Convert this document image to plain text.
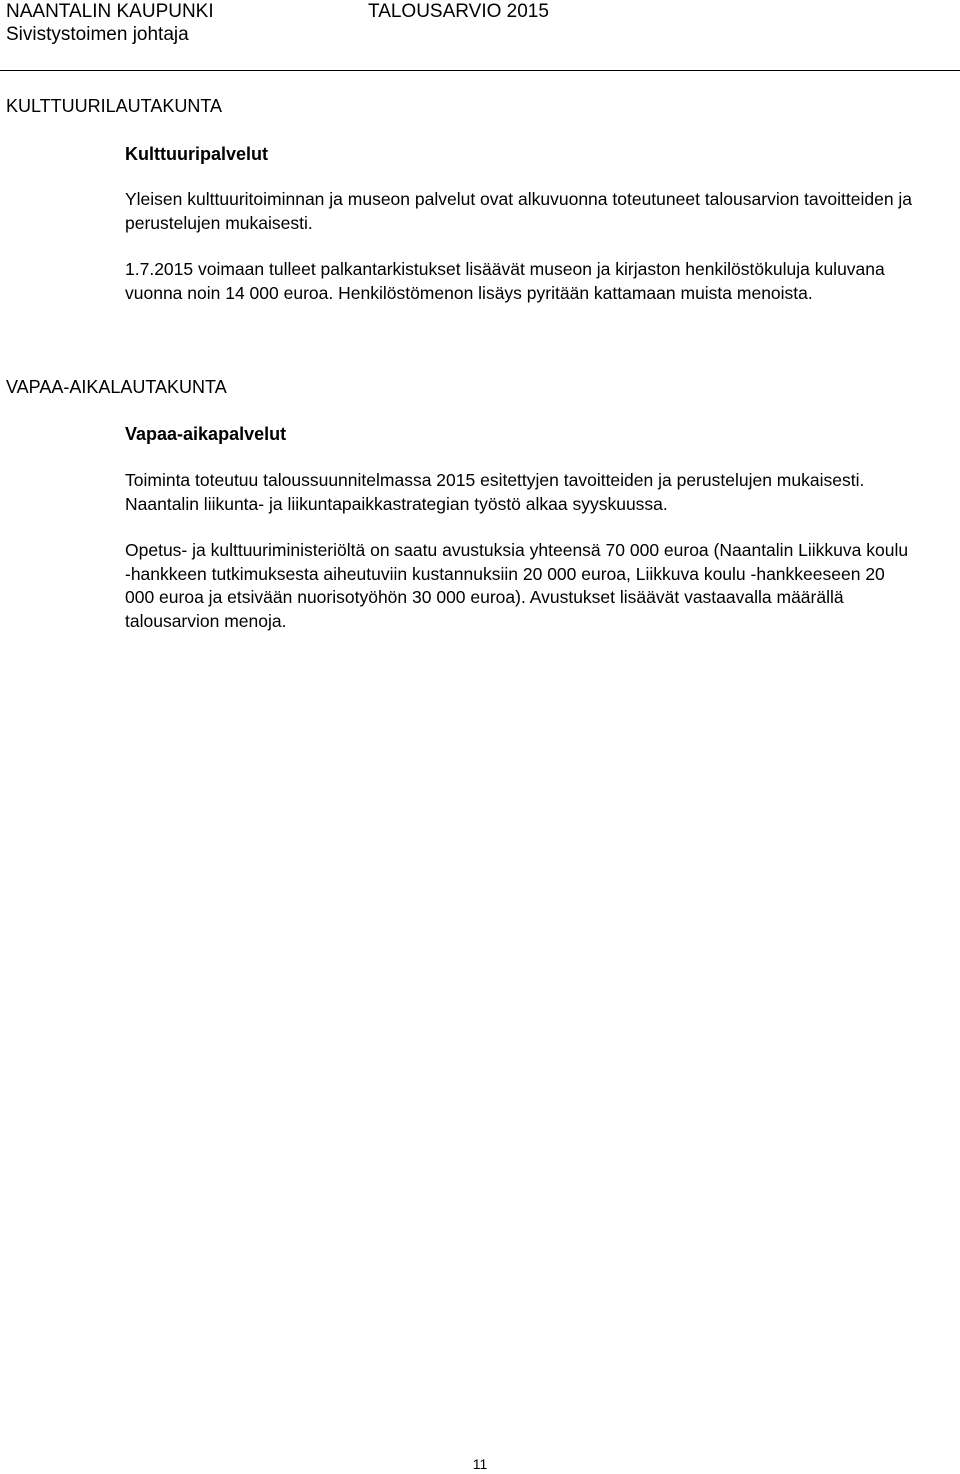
NAANTALIN KAUPUNKI
Sivistystoimen johtaja
TALOUSARVIO 2015
KULTTUURILAUTAKUNTA
Kulttuuripalvelut
Yleisen kulttuuritoiminnan ja museon palvelut ovat alkuvuonna toteutuneet talousarvion tavoitteiden ja perustelujen mukaisesti.
1.7.2015 voimaan tulleet palkantarkistukset lisäävät museon ja kirjaston henkilöstökuluja kuluvana vuonna noin 14 000 euroa. Henkilöstömenon lisäys pyritään kattamaan muista menoista.
VAPAA-AIKALAUTAKUNTA
Vapaa-aikapalvelut
Toiminta toteutuu taloussuunnitelmassa 2015 esitettyjen tavoitteiden ja perustelujen mukaisesti. Naantalin liikunta- ja liikuntapaikkastrategian työstö alkaa syyskuussa.
Opetus- ja kulttuuriministeriöltä on saatu avustuksia yhteensä 70 000 euroa (Naantalin Liikkuva koulu -hankkeen tutkimuksesta aiheutuviin kustannuksiin 20 000 euroa, Liikkuva koulu -hankkeeseen 20 000 euroa ja etsivään nuorisotyöhön 30 000 euroa). Avustukset lisäävät vastaavalla määrällä talousarvion menoja.
11
